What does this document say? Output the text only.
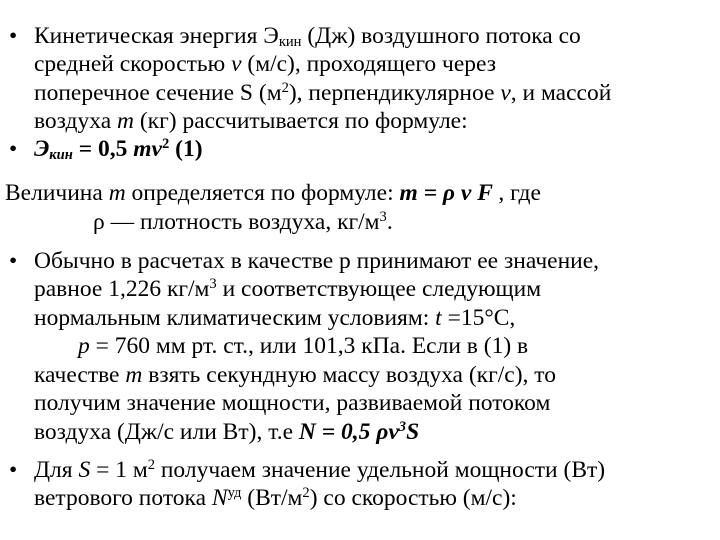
• Кинетическая энергия $Э_{кин}$ (Дж) воздушного потока со
средней скоростью v (м/с), проходящего через
поперечное сечение S $(м^2)$, перпендикулярное v, и массой
воздуха m (кг) рассчитывается по формуле:
• $Э_{кин} = 0,5$ $mv^2$ (1)
Величина m определяется по формуле: m = ρ v F , где
ρ — плотность воздуха, $кг/м^3$.
• Обычно в расчетах в качестве р принимают ее значение,
равное 1,226 $кг/м^3$ и соответствующее следующим
нормальным климатическим условиям: t =15°С,
p = 760 мм рт. ст., или 101,3 кПа. Если в (1) в
качестве m взять секундную массу воздуха (кг/с), то
получим значение мощности, развиваемой потоком
воздуха (Дж/с или Вт), т.е N = 0,5 $\rho v^3S$
• Для S = 1 $м^2$ получаем значение удельной мощности (Вт)
ветрового потока $N^{уд}$ $(Вт/м^2)$ со скоростью (м/с):
